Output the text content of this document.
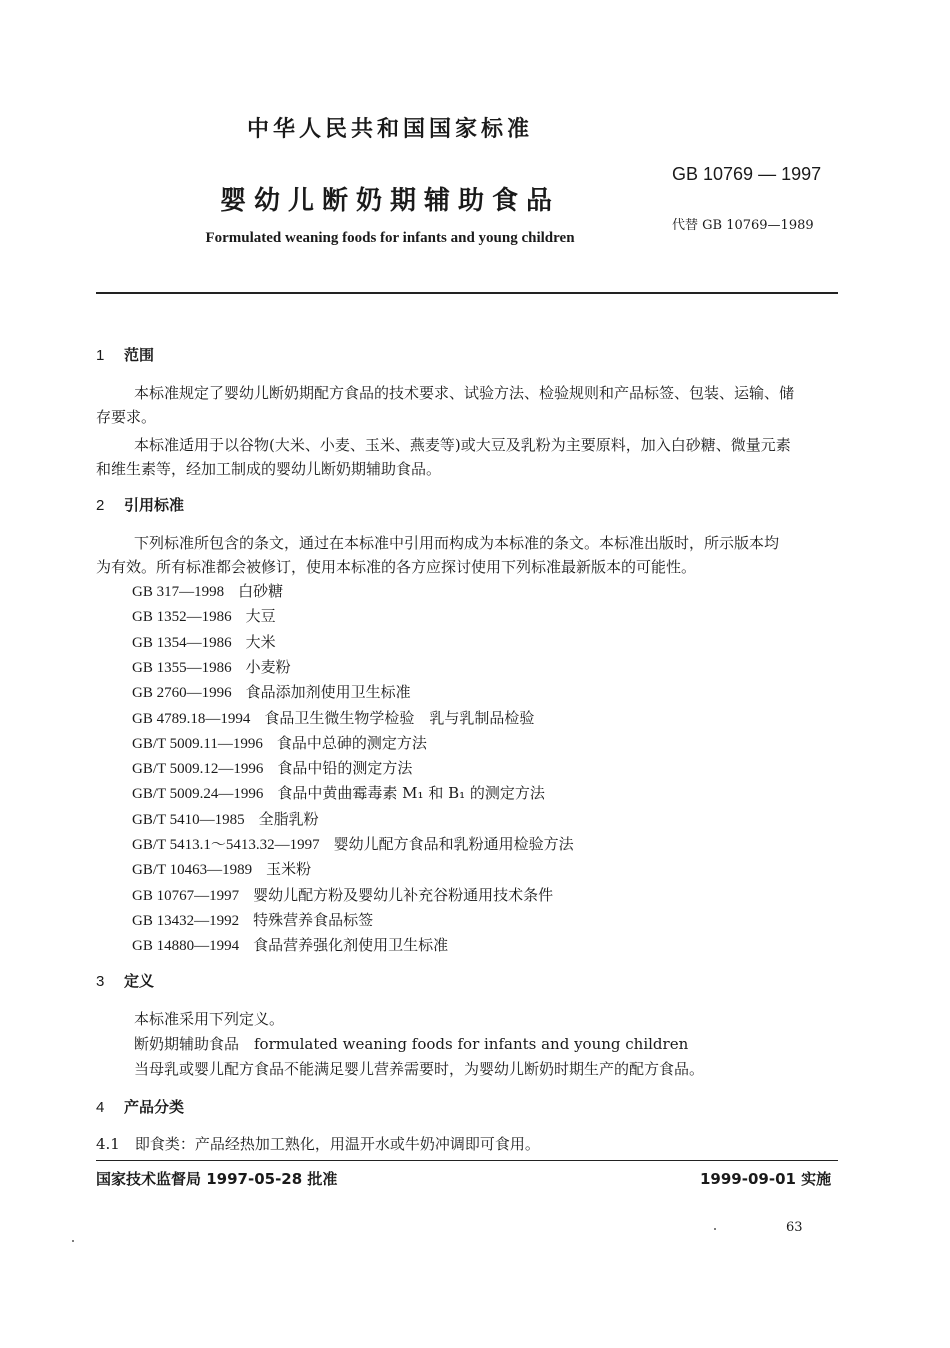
中华人民共和国国家标准
GB 10769 — 1997
婴幼儿断奶期辅助食品
代替 GB 10769—1989
Formulated weaning foods for infants and young children
1 范围
本标准规定了婴幼儿断奶期配方食品的技术要求、试验方法、检验规则和产品标签、包装、运输、储
存要求。
本标准适用于以谷物(大米、小麦、玉米、燕麦等)或大豆及乳粉为主要原料，加入白砂糖、微量元素
和维生素等，经加工制成的婴幼儿断奶期辅助食品。
2 引用标准
下列标准所包含的条文，通过在本标准中引用而构成为本标准的条文。本标准出版时，所示版本均
为有效。所有标准都会被修订，使用本标准的各方应探讨使用下列标准最新版本的可能性。
GB 317—1998 白砂糖
GB 1352—1986 大豆
GB 1354—1986 大米
GB 1355—1986 小麦粉
GB 2760—1996 食品添加剂使用卫生标准
GB 4789.18—1994 食品卫生微生物学检验　乳与乳制品检验
GB/T 5009.11—1996 食品中总砷的测定方法
GB/T 5009.12—1996 食品中铅的测定方法
GB/T 5009.24—1996 食品中黄曲霉毒素 M₁ 和 B₁ 的测定方法
GB/T 5410—1985 全脂乳粉
GB/T 5413.1～5413.32—1997 婴幼儿配方食品和乳粉通用检验方法
GB/T 10463—1989 玉米粉
GB 10767—1997 婴幼儿配方粉及婴幼儿补充谷粉通用技术条件
GB 13432—1992 特殊营养食品标签
GB 14880—1994 食品营养强化剂使用卫生标准
3 定义
本标准采用下列定义。
断奶期辅助食品　formulated weaning foods for infants and young children
当母乳或婴儿配方食品不能满足婴儿营养需要时，为婴幼儿断奶时期生产的配方食品。
4 产品分类
4.1　即食类：产品经热加工熟化，用温开水或牛奶冲调即可食用。
国家技术监督局 1997-05-28 批准	1999-09-01 实施
63
